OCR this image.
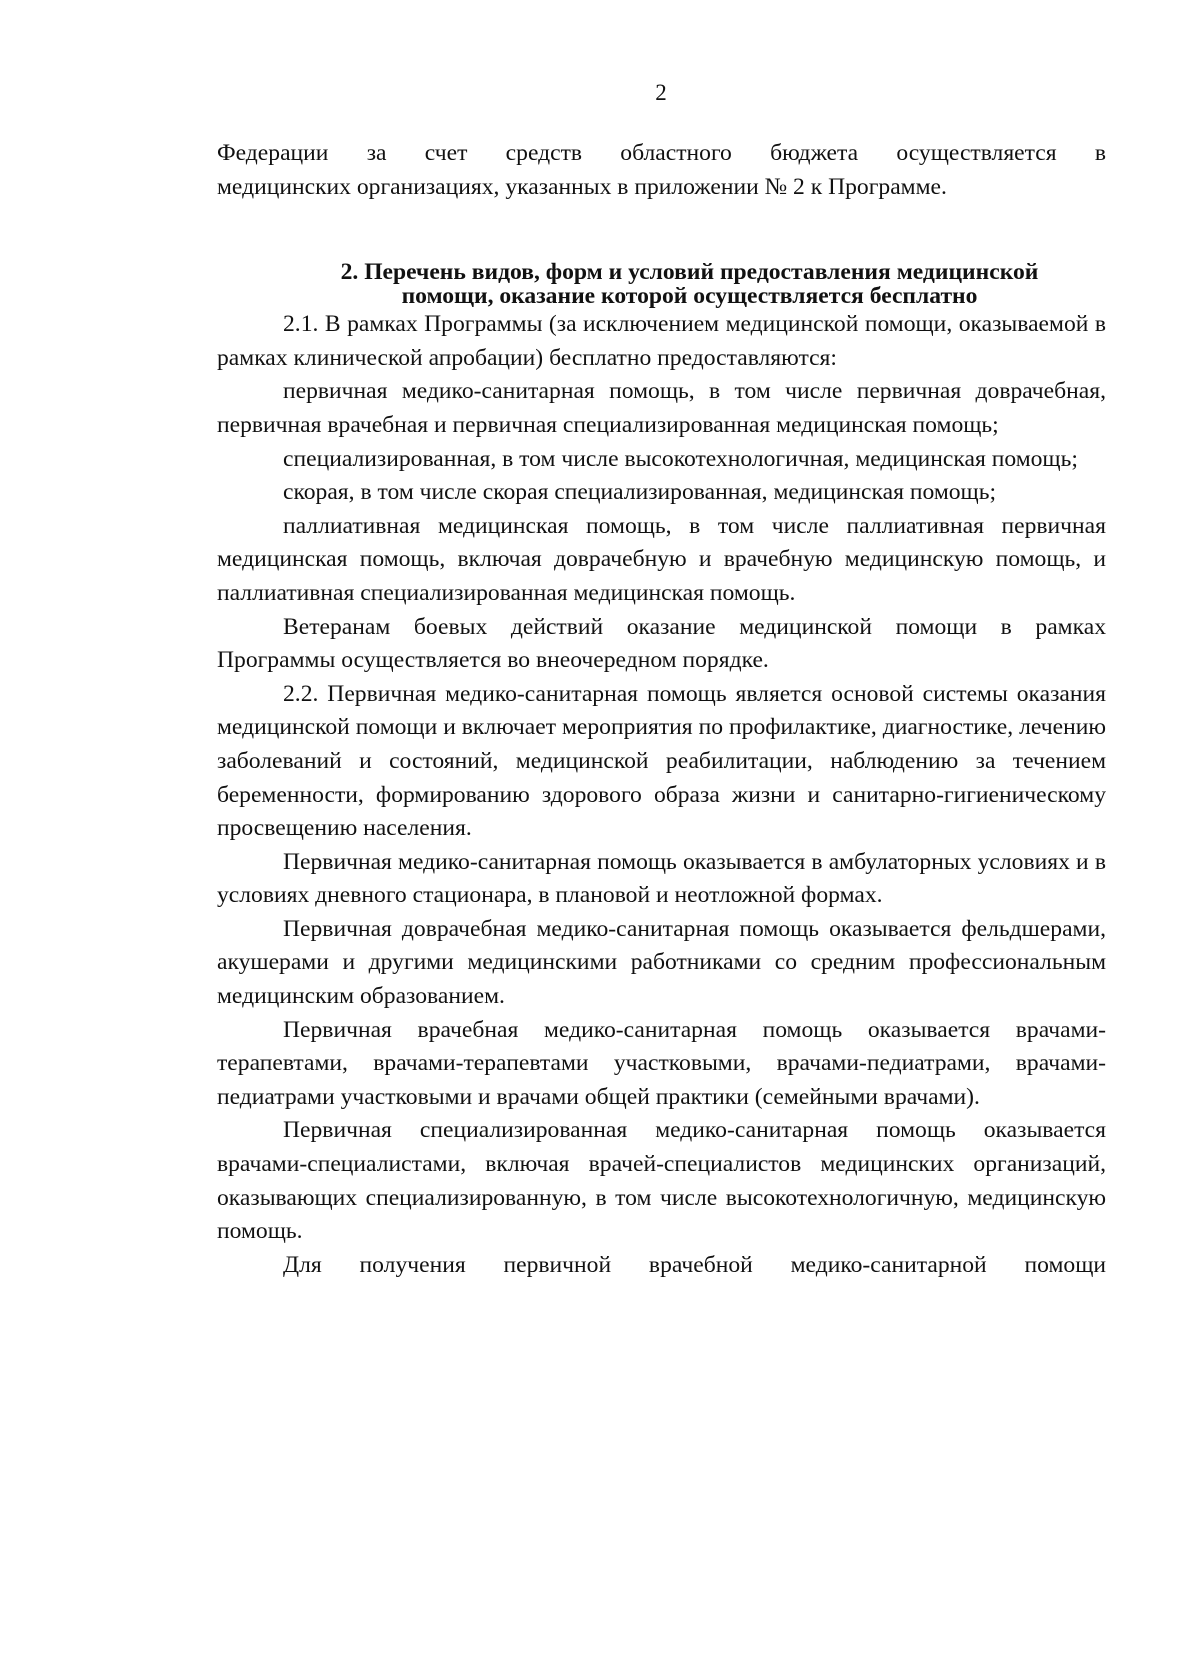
2

Федерации за счет средств областного бюджета осуществляется в

медицинских организациях, указанных в приложении № 2 к Программе.

2. Перечень видов, форм и условий предоставления медицинской

помощи, оказание которой осуществляется бесплатно

2.1. В рамках Программы (за исключением медицинской помощи, оказываемой в рамках клинической апробации) бесплатно предоставляются:

первичная медико-санитарная помощь, в том числе первичная доврачебная, первичная врачебная и первичная специализированная медицинская помощь;

специализированная, в том числе высокотехнологичная, медицинская помощь;

скорая, в том числе скорая специализированная, медицинская помощь;

паллиативная медицинская помощь, в том числе паллиативная первичная медицинская помощь, включая доврачебную и врачебную медицинскую помощь, и паллиативная специализированная медицинская помощь.

Ветеранам боевых действий оказание медицинской помощи в рамках Программы осуществляется во внеочередном порядке.

2.2. Первичная медико-санитарная помощь является основой системы оказания медицинской помощи и включает мероприятия по профилактике, диагностике, лечению заболеваний и состояний, медицинской реабилитации, наблюдению за течением беременности, формированию здорового образа жизни и санитарно-гигиеническому просвещению населения.

Первичная медико-санитарная помощь оказывается в амбулаторных условиях и в условиях дневного стационара, в плановой и неотложной формах.

Первичная доврачебная медико-санитарная помощь оказывается фельдшерами, акушерами и другими медицинскими работниками со средним профессиональным медицинским образованием.

Первичная врачебная медико-санитарная помощь оказывается врачами-терапевтами, врачами-терапевтами участковыми, врачами-педиатрами, врачами-педиатрами участковыми и врачами общей практики (семейными врачами).

Первичная специализированная медико-санитарная помощь оказывается врачами-специалистами, включая врачей-специалистов медицинских организаций, оказывающих специализированную, в том числе высокотехнологичную, медицинскую помощь.

Для получения первичной врачебной медико-санитарной помощи
